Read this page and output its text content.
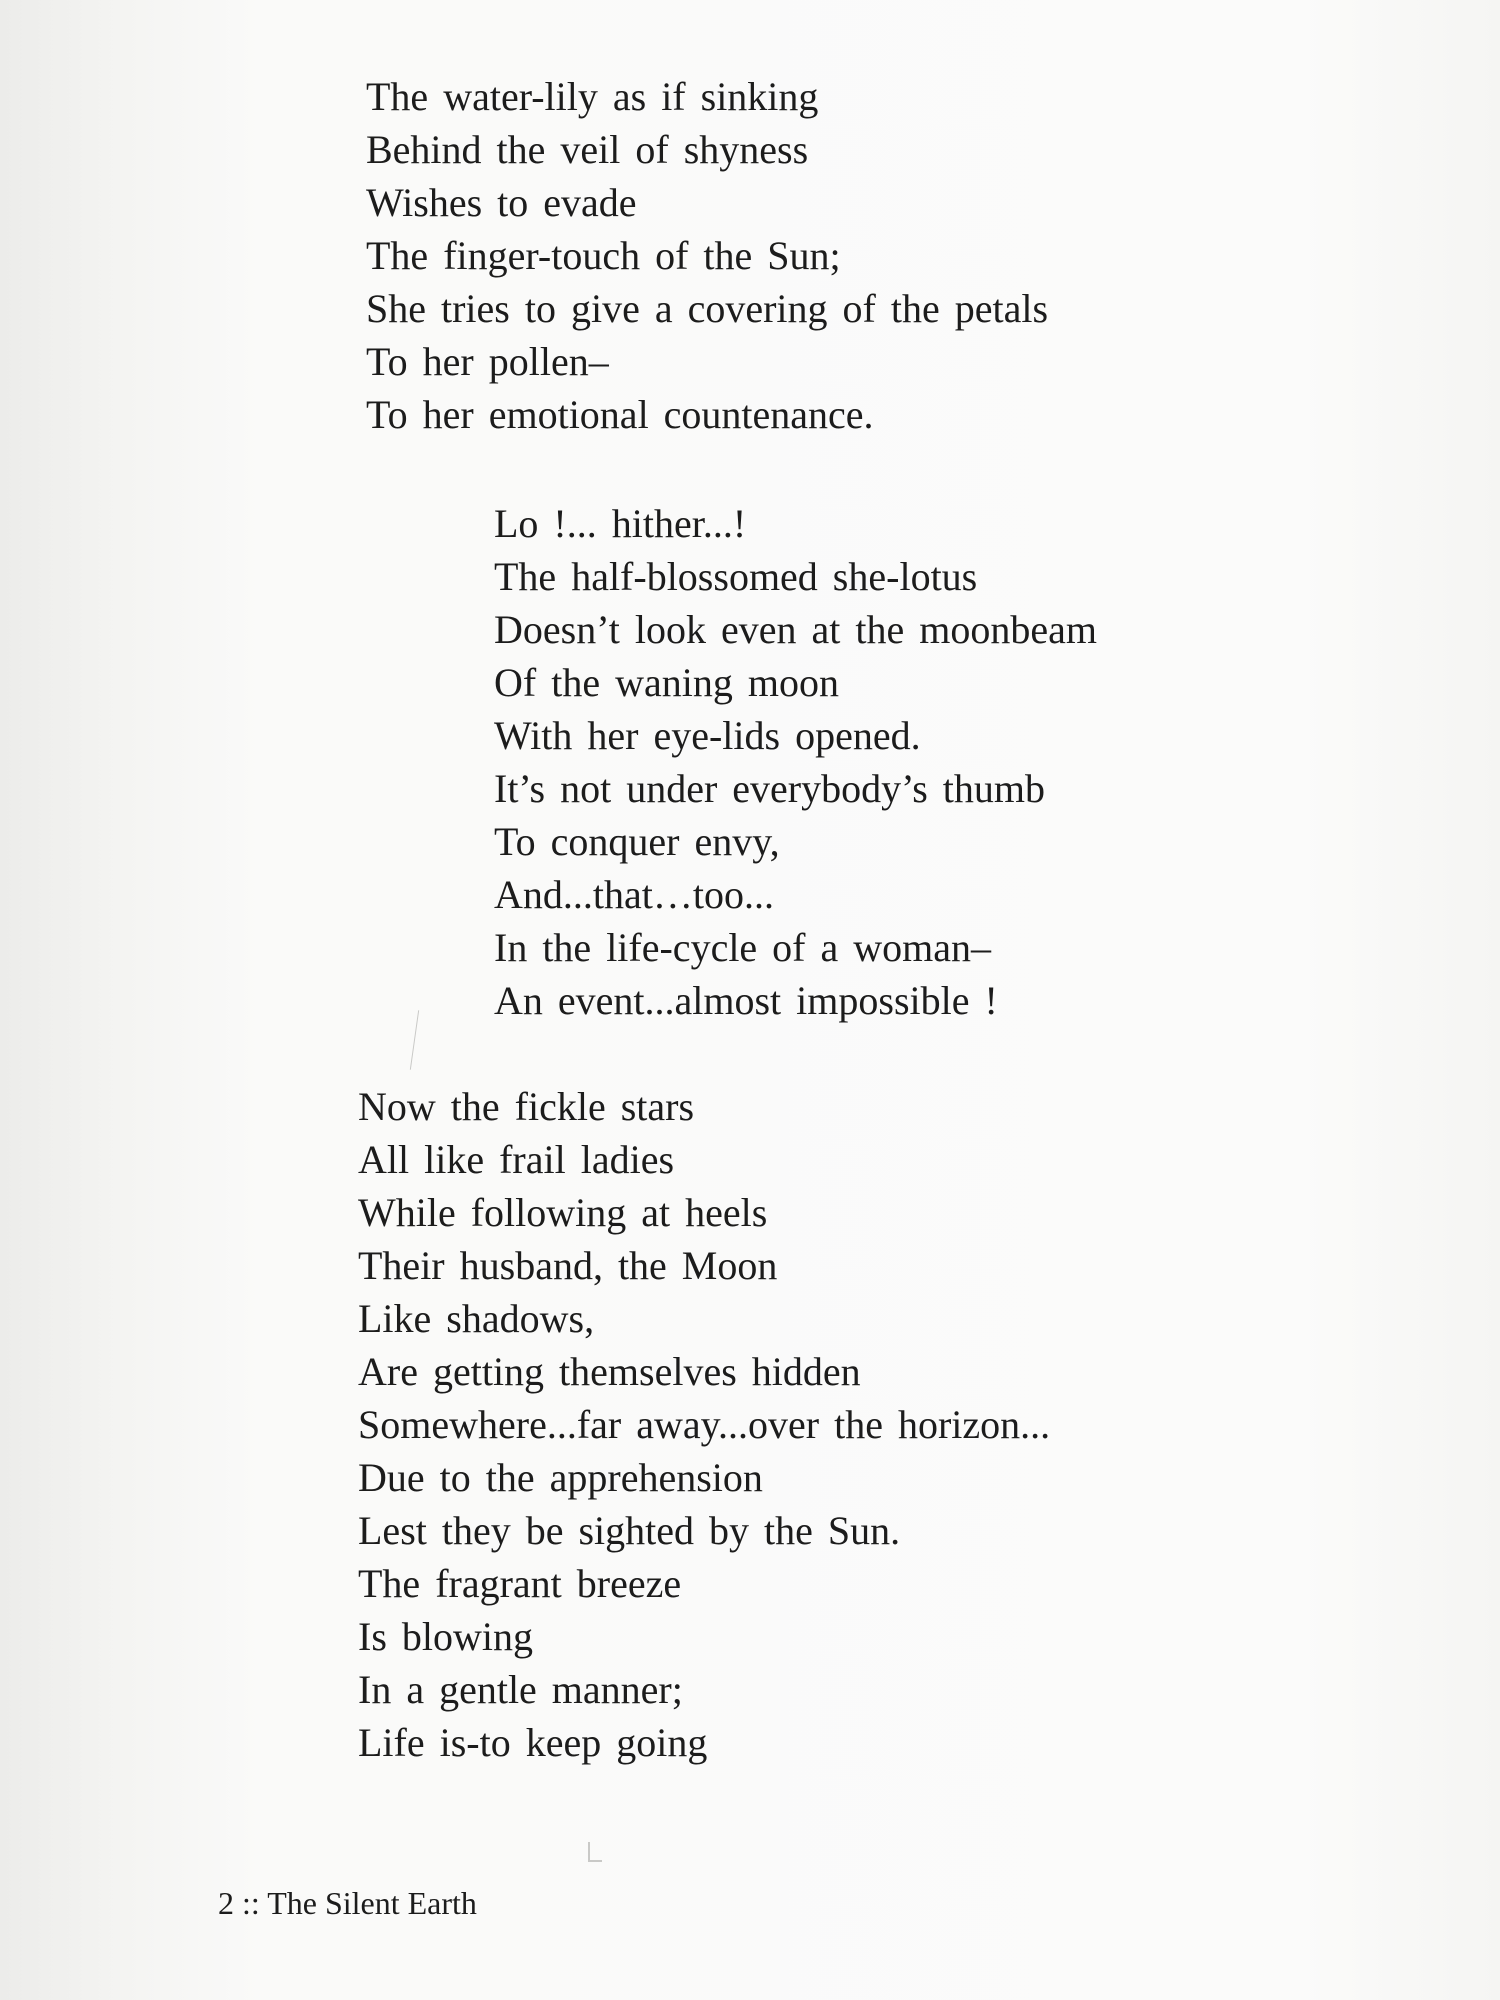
The water-lily as if sinking
Behind the veil of shyness
Wishes to evade
The finger-touch of the Sun;
She tries to give a covering of the petals
To her pollen–
To her emotional countenance.
Lo !... hither...!
The half-blossomed she-lotus
Doesn’t look even at the moonbeam
Of the waning moon
With her eye-lids opened.
It’s not under everybody’s thumb
To conquer envy,
And...that…too...
In the life-cycle of a woman–
An event...almost impossible !
Now the fickle stars
All like frail ladies
While following at heels
Their husband, the Moon
Like shadows,
Are getting themselves hidden
Somewhere...far away...over the horizon...
Due to the apprehension
Lest they be sighted by the Sun.
The fragrant breeze
Is blowing
In a gentle manner;
Life is-to keep going
2 :: The Silent Earth
